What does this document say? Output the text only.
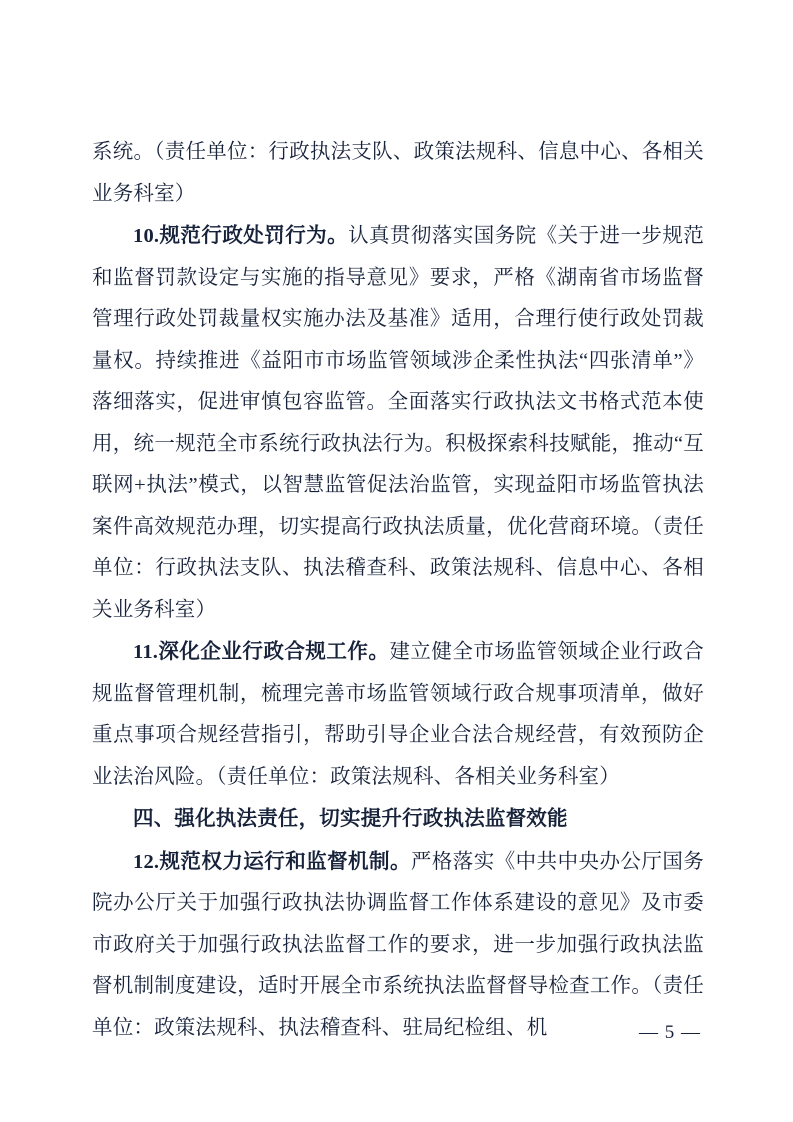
系统。（责任单位：行政执法支队、政策法规科、信息中心、各相关业务科室）

10.规范行政处罚行为。认真贯彻落实国务院《关于进一步规范和监督罚款设定与实施的指导意见》要求，严格《湖南省市场监督管理行政处罚裁量权实施办法及基准》适用，合理行使行政处罚裁量权。持续推进《益阳市市场监管领域涉企柔性执法“四张清单”》落细落实，促进审慎包容监管。全面落实行政执法文书格式范本使用，统一规范全市系统行政执法行为。积极探索科技赋能，推动“互联网+执法”模式，以智慧监管促法治监管，实现益阳市场监管执法案件高效规范办理，切实提高行政执法质量，优化营商环境。（责任单位：行政执法支队、执法稽查科、政策法规科、信息中心、各相关业务科室）

11.深化企业行政合规工作。建立健全市场监管领域企业行政合规监督管理机制，梳理完善市场监管领域行政合规事项清单，做好重点事项合规经营指引，帮助引导企业合法合规经营，有效预防企业法治风险。（责任单位：政策法规科、各相关业务科室）

四、强化执法责任，切实提升行政执法监督效能

12.规范权力运行和监督机制。严格落实《中共中央办公厅国务院办公厅关于加强行政执法协调监督工作体系建设的意见》及市委市政府关于加强行政执法监督工作的要求，进一步加强行政执法监督机制制度建设，适时开展全市系统执法监督督导检查工作。（责任单位：政策法规科、执法稽查科、驻局纪检组、机	— 5 —
